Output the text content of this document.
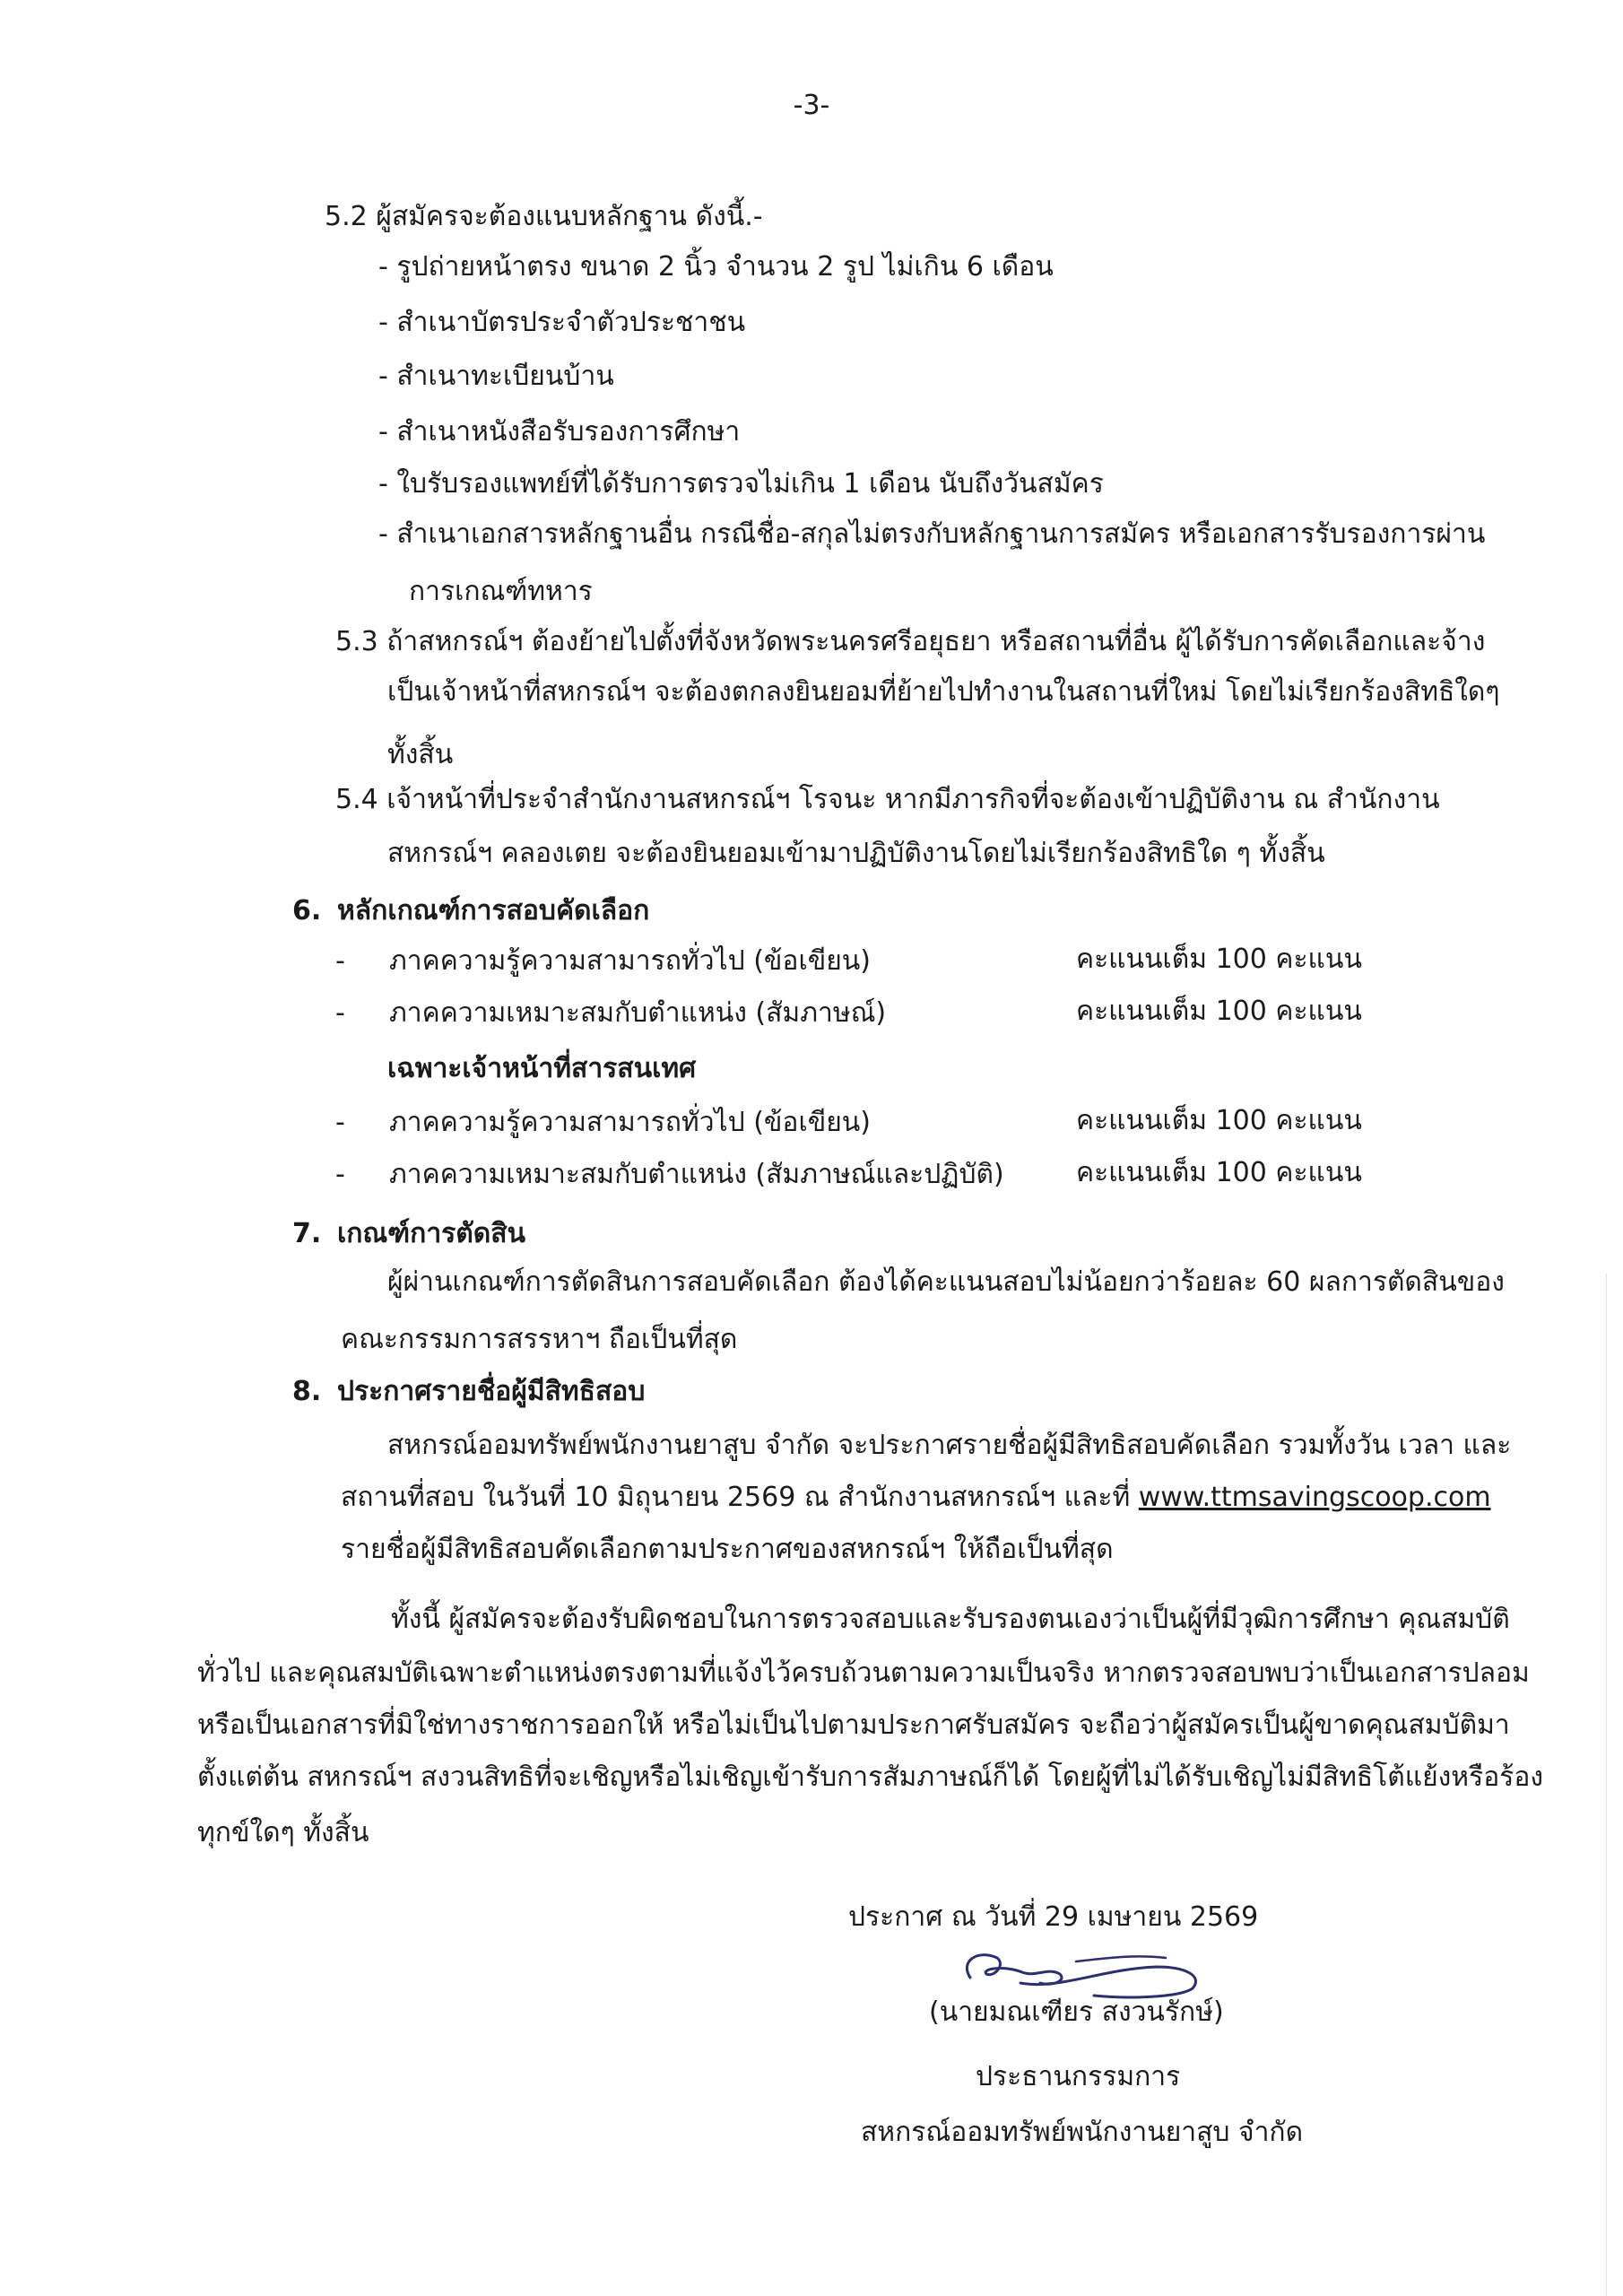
-3-
5.2 ผู้สมัครจะต้องแนบหลักฐาน ดังนี้.-
- รูปถ่ายหน้าตรง ขนาด 2 นิ้ว จำนวน 2 รูป ไม่เกิน 6 เดือน
- สำเนาบัตรประจำตัวประชาชน
- สำเนาทะเบียนบ้าน
- สำเนาหนังสือรับรองการศึกษา
- ใบรับรองแพทย์ที่ได้รับการตรวจไม่เกิน 1 เดือน นับถึงวันสมัคร
- สำเนาเอกสารหลักฐานอื่น กรณีชื่อ-สกุลไม่ตรงกับหลักฐานการสมัคร หรือเอกสารรับรองการผ่าน
การเกณฑ์ทหาร
5.3 ถ้าสหกรณ์ฯ ต้องย้ายไปตั้งที่จังหวัดพระนครศรีอยุธยา หรือสถานที่อื่น ผู้ได้รับการคัดเลือกและจ้าง
เป็นเจ้าหน้าที่สหกรณ์ฯ จะต้องตกลงยินยอมที่ย้ายไปทำงานในสถานที่ใหม่ โดยไม่เรียกร้องสิทธิใดๆ
ทั้งสิ้น
5.4 เจ้าหน้าที่ประจำสำนักงานสหกรณ์ฯ โรจนะ หากมีภารกิจที่จะต้องเข้าปฏิบัติงาน ณ สำนักงาน
สหกรณ์ฯ คลองเตย จะต้องยินยอมเข้ามาปฏิบัติงานโดยไม่เรียกร้องสิทธิใด ๆ ทั้งสิ้น
6. หลักเกณฑ์การสอบคัดเลือก
- ภาคความรู้ความสามารถทั่วไป (ข้อเขียน)	คะแนนเต็ม 100 คะแนน
- ภาคความเหมาะสมกับตำแหน่ง (สัมภาษณ์)	คะแนนเต็ม 100 คะแนน
เฉพาะเจ้าหน้าที่สารสนเทศ
- ภาคความรู้ความสามารถทั่วไป (ข้อเขียน)	คะแนนเต็ม 100 คะแนน
- ภาคความเหมาะสมกับตำแหน่ง (สัมภาษณ์และปฏิบัติ)	คะแนนเต็ม 100 คะแนน
7. เกณฑ์การตัดสิน
ผู้ผ่านเกณฑ์การตัดสินการสอบคัดเลือก ต้องได้คะแนนสอบไม่น้อยกว่าร้อยละ 60 ผลการตัดสินของ
คณะกรรมการสรรหาฯ ถือเป็นที่สุด
8. ประกาศรายชื่อผู้มีสิทธิสอบ
สหกรณ์ออมทรัพย์พนักงานยาสูบ จำกัด จะประกาศรายชื่อผู้มีสิทธิสอบคัดเลือก รวมทั้งวัน เวลา และ
สถานที่สอบ ในวันที่ 10 มิถุนายน 2569 ณ สำนักงานสหกรณ์ฯ และที่ www.ttmsavingscoop.com
รายชื่อผู้มีสิทธิสอบคัดเลือกตามประกาศของสหกรณ์ฯ ให้ถือเป็นที่สุด
ทั้งนี้ ผู้สมัครจะต้องรับผิดชอบในการตรวจสอบและรับรองตนเองว่าเป็นผู้ที่มีวุฒิการศึกษา คุณสมบัติ
ทั่วไป และคุณสมบัติเฉพาะตำแหน่งตรงตามที่แจ้งไว้ครบถ้วนตามความเป็นจริง หากตรวจสอบพบว่าเป็นเอกสารปลอม
หรือเป็นเอกสารที่มิใช่ทางราชการออกให้ หรือไม่เป็นไปตามประกาศรับสมัคร จะถือว่าผู้สมัครเป็นผู้ขาดคุณสมบัติมา
ตั้งแต่ต้น สหกรณ์ฯ สงวนสิทธิที่จะเชิญหรือไม่เชิญเข้ารับการสัมภาษณ์ก็ได้ โดยผู้ที่ไม่ได้รับเชิญไม่มีสิทธิโต้แย้งหรือร้อง
ทุกข์ใดๆ ทั้งสิ้น
ประกาศ ณ วันที่ 29 เมษายน 2569
(นายมณเฑียร สงวนรักษ์)
ประธานกรรมการ
สหกรณ์ออมทรัพย์พนักงานยาสูบ จำกัด
